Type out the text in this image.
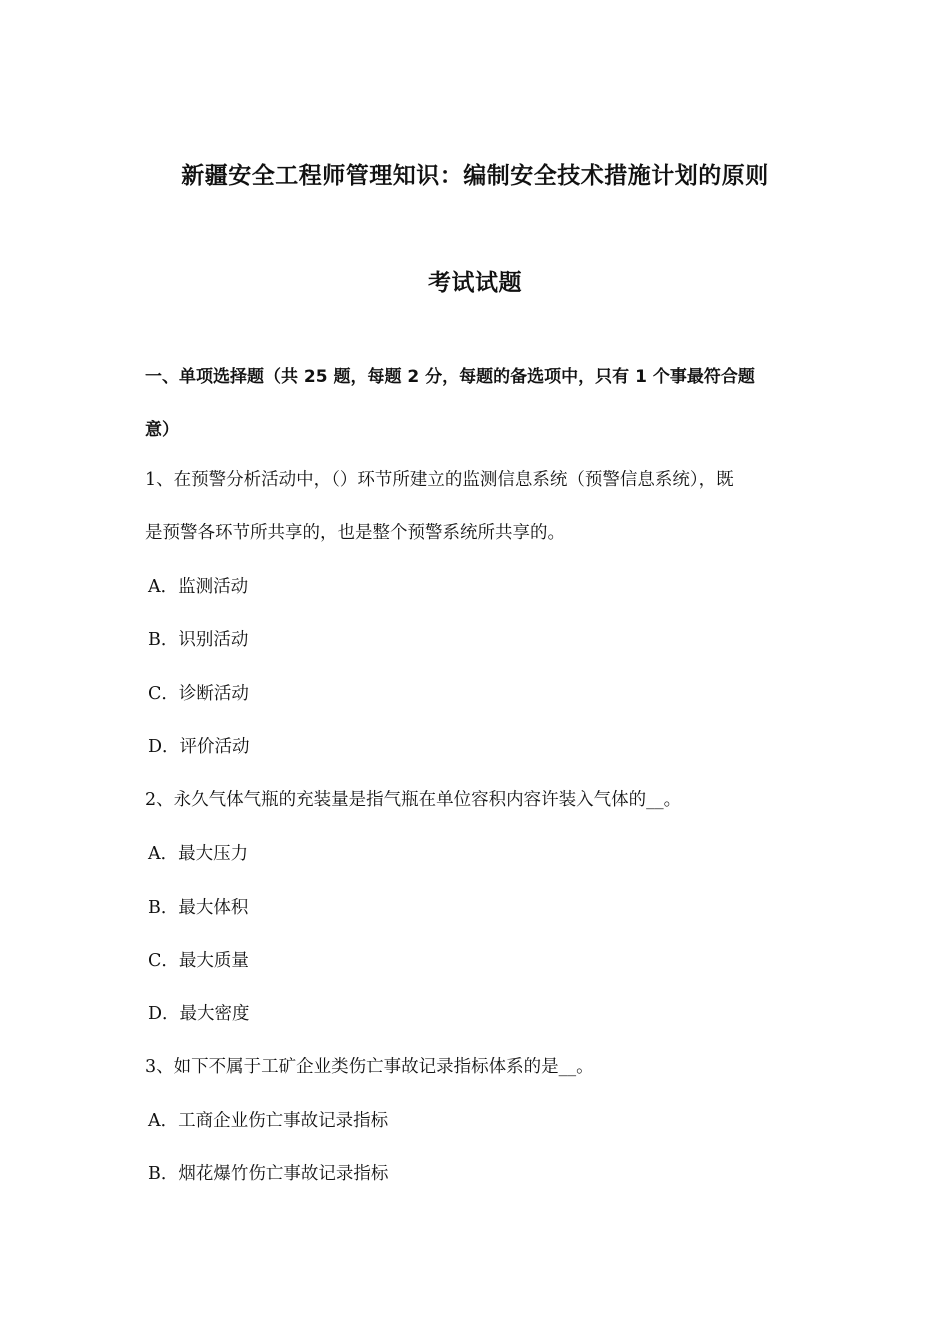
新疆安全工程师管理知识：编制安全技术措施计划的原则
考试试题
一、单项选择题（共 25 题，每题 2 分，每题的备选项中，只有 1 个事最符合题
意）
1、在预警分析活动中，（）环节所建立的监测信息系统（预警信息系统），既
是预警各环节所共享的，也是整个预警系统所共享的。
A．监测活动
B．识别活动
C．诊断活动
D．评价活动
2、永久气体气瓶的充装量是指气瓶在单位容积内容许装入气体的__。
A．最大压力
B．最大体积
C．最大质量
D．最大密度
3、如下不属于工矿企业类伤亡事故记录指标体系的是__。
A．工商企业伤亡事故记录指标
B．烟花爆竹伤亡事故记录指标
